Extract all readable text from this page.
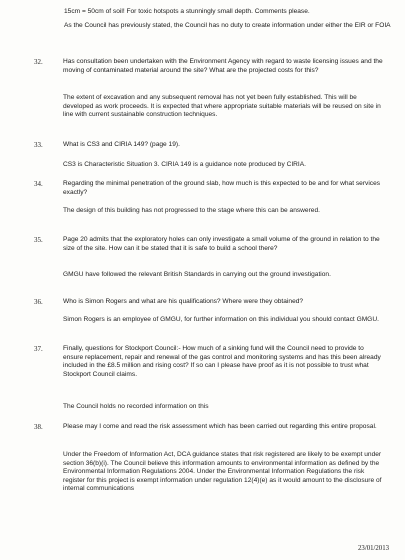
15cm = 50cm of soil! For toxic hotspots a stunningly small depth. Comments please.
As the Council has previously stated, the Council has no duty to create information under either the EIR or FOIA
32.	Has consultation been undertaken with the Environment Agency with regard to waste licensing issues and the moving of contaminated material around the site? What are the projected costs for this?
The extent of excavation and any subsequent removal has not yet been fully established. This will be developed as work proceeds. It is expected that where appropriate suitable materials will be reused on site in line with current sustainable construction techniques.
33.	What is CS3 and CIRIA 149? (page 19).
CS3 is Characteristic Situation 3. CIRIA 149 is a guidance note produced by CIRIA.
34.	Regarding the minimal penetration of the ground slab, how much is this expected to be and for what services exactly?
The design of this building has not progressed to the stage where this can be answered.
35.	Page 20 admits that the exploratory holes can only investigate a small volume of the ground in relation to the size of the site. How can it be stated that it is safe to build a school there?
GMGU have followed the relevant British Standards in carrying out the ground investigation.
36.	Who is Simon Rogers and what are his qualifications? Where were they obtained?
Simon Rogers is an employee of GMGU, for further information on this individual you should contact GMGU.
37.	Finally, questions for Stockport Council:- How much of a sinking fund will the Council need to provide to ensure replacement, repair and renewal of the gas control and monitoring systems and has this been already included in the £8.5 million and rising cost? If so can I please have proof as it is not possible to trust what Stockport Council claims.
The Council holds no recorded information on this
38.	Please may I come and read the risk assessment which has been carried out regarding this entire proposal.
Under the Freedom of Information Act, DCA guidance states that risk registered are likely to be exempt under section 36(b)(i). The Council believe this information amounts to environmental information as defined by the Environmental Information Regulations 2004. Under the Environmental Information Regulations the risk register for this project is exempt information under regulation 12(4)(e) as it would amount to the disclosure of internal communications
23/01/2013
